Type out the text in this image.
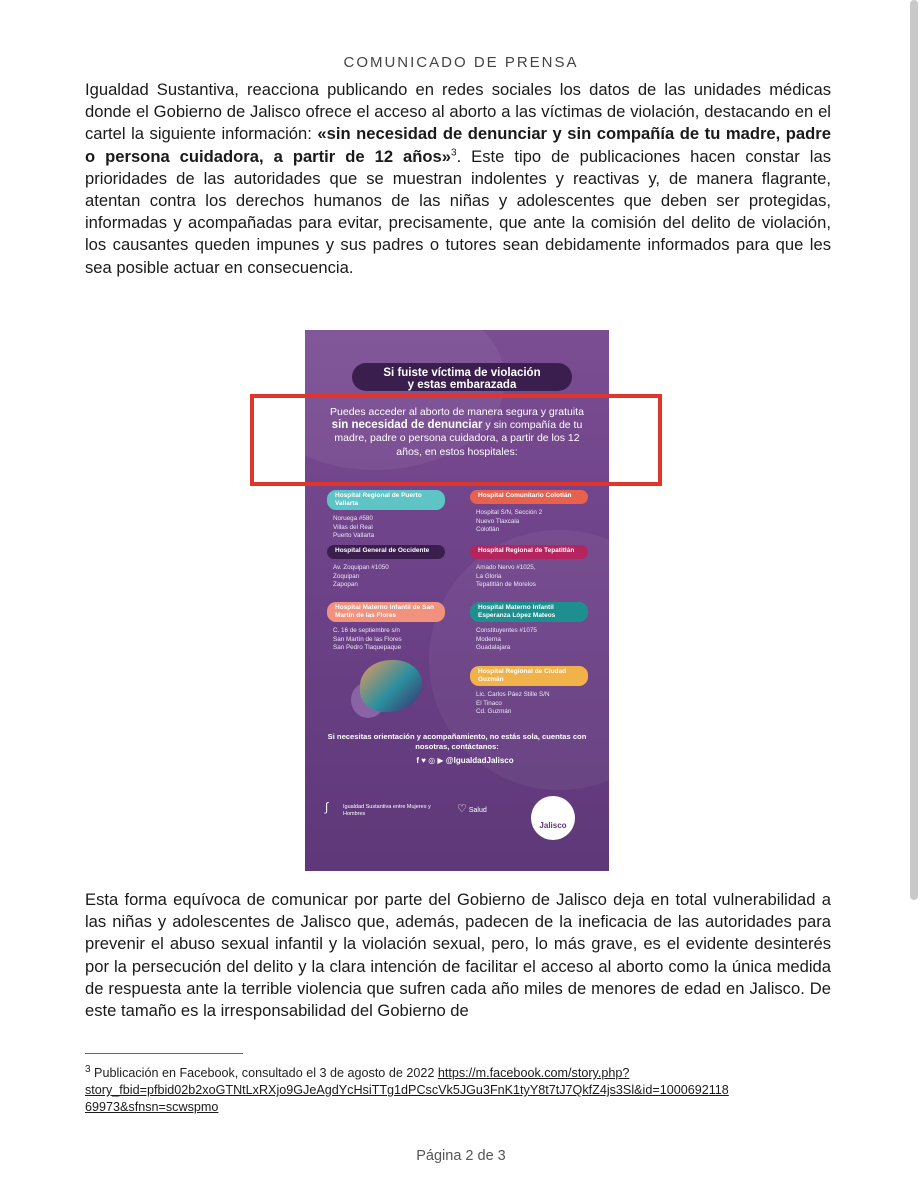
COMUNICADO DE PRENSA
Igualdad Sustantiva, reacciona publicando en redes sociales los datos de las unidades médicas donde el Gobierno de Jalisco ofrece el acceso al aborto a las víctimas de violación, destacando en el cartel la siguiente información: «sin necesidad de denunciar y sin compañía de tu madre, padre o persona cuidadora, a partir de 12 años»$^3$. Este tipo de publicaciones hacen constar las prioridades de las autoridades que se muestran indolentes y reactivas y, de manera flagrante, atentan contra los derechos humanos de las niñas y adolescentes que deben ser protegidas, informadas y acompañadas para evitar, precisamente, que ante la comisión del delito de violación, los causantes queden impunes y sus padres o tutores sean debidamente informados para que les sea posible actuar en consecuencia.
Si fuiste víctima de violación
y estas embarazada
Puedes acceder al aborto de manera segura y gratuita sin necesidad de denunciar y sin compañía de tu madre, padre o persona cuidadora, a partir de los 12 años, en estos hospitales:
Hospital Regional de Puerto Vallarta
Noruega #580
Villas del Real
Puerto Vallarta
Hospital Comunitario Colotlán
Hospital S/N, Sección 2
Nuevo Tlaxcala
Colotlán
Hospital General de Occidente
Av. Zoquipan #1050
Zoquipan
Zapopan
Hospital Regional de Tepatitlán
Amado Nervo #1025,
La Gloria
Tepatitlán de Morelos
Hospital Materno Infantil de San Martín de las Flores
C. 16 de septiembre s/n
San Martín de las Flores
San Pedro Tlaquepaque
Hospital Materno Infantil Esperanza López Mateos
Constituyentes #1075
Moderna
Guadalajara
Hospital Regional de Ciudad Guzmán
Lic. Carlos Páez Stille S/N
El Tinaco
Cd. Guzmán
Si necesitas orientación y acompañamiento, no estás sola, cuentas con nosotras, contáctanos:
f ♥ ◎ ▶ @IgualdadJalisco
∫	Igualdad Sustantiva entre Mujeres y Hombres	♡ Salud
Jalisco
Esta forma equívoca de comunicar por parte del Gobierno de Jalisco deja en total vulnerabilidad a las niñas y adolescentes de Jalisco que, además, padecen de la ineficacia de las autoridades para prevenir el abuso sexual infantil y la violación sexual, pero, lo más grave, es el evidente desinterés por la persecución del delito y la clara intención de facilitar el acceso al aborto como la única medida de respuesta ante la terrible violencia que sufren cada año miles de menores de edad en Jalisco. De este tamaño es la irresponsabilidad del Gobierno de
$^3$ Publicación en Facebook, consultado el 3 de agosto de 2022 https://m.facebook.com/story.php?
story_fbid=pfbid02b2xoGTNtLxRXjo9GJeAgdYcHsiTTg1dPCscVk5JGu3FnK1tyY8t7tJ7QkfZ4js3Sl&id=1000692118
69973&sfnsn=scwspmo
Página 2 de 3
